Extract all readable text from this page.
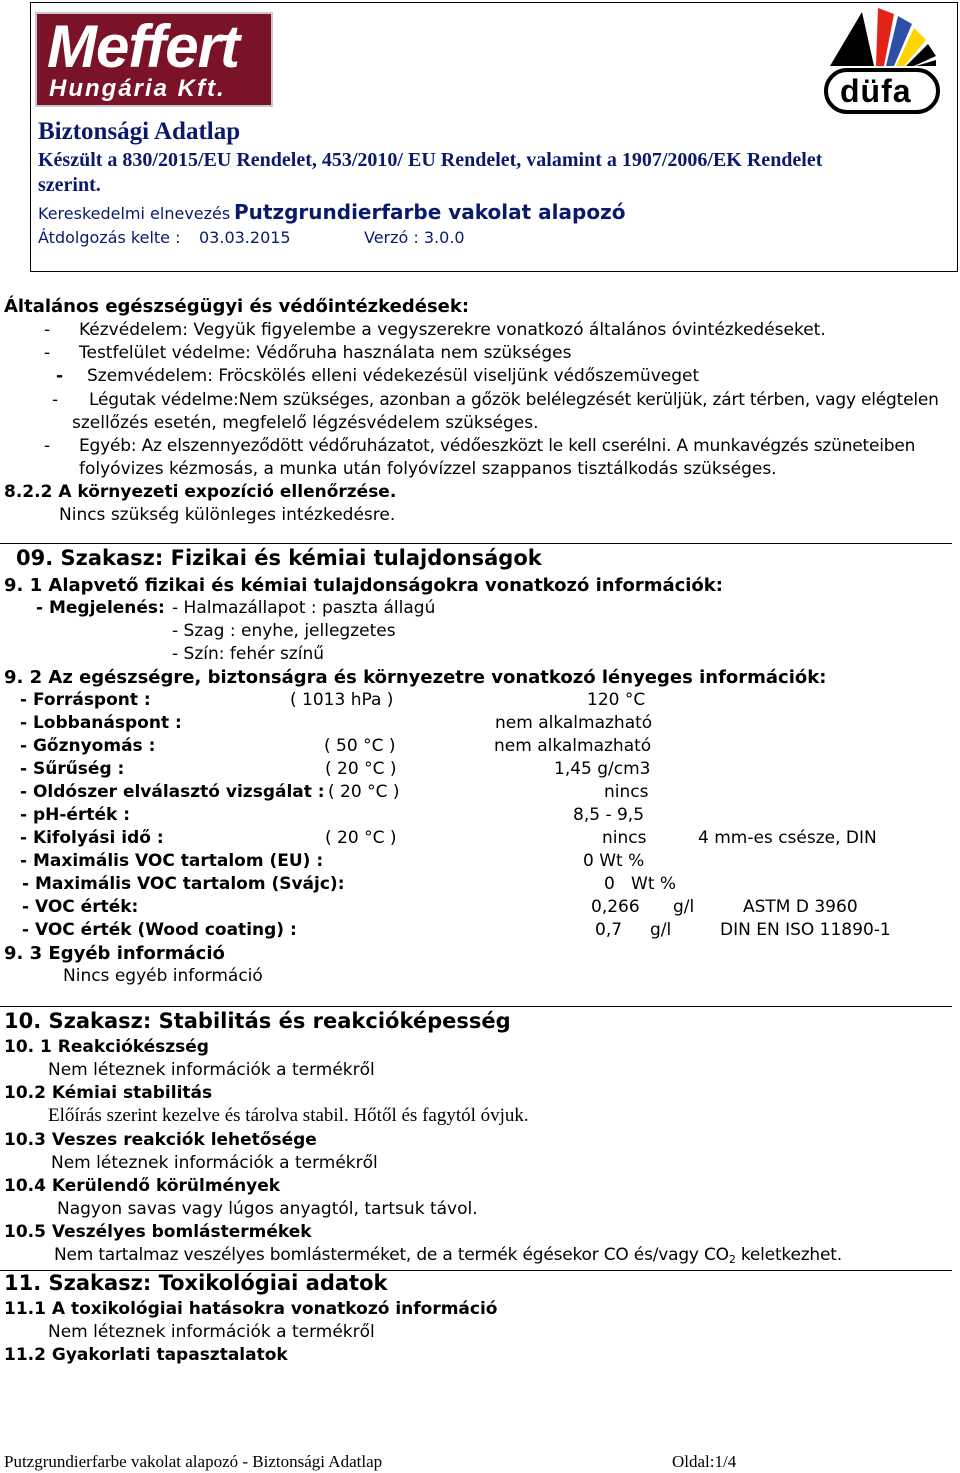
Meffert
Hungária Kft.	düfa
Biztonsági Adatlap
Készült a 830/2015/EU Rendelet, 453/2010/ EU Rendelet, valamint a 1907/2006/EK Rendelet
szerint.
Kereskedelmi elnevezés :
Putzgrundierfarbe vakolat alapozó
Átdolgozás kelte : 03.03.2015	Verzó : 3.0.0
Általános egészségügyi és védőintézkedések:
- Kézvédelem: Vegyük figyelembe a vegyszerekre vonatkozó általános óvintézkedéseket.
- Testfelület védelme: Védőruha használata nem szükséges
- Szemvédelem: Fröcskölés elleni védekezésül viseljünk védőszemüveget
- Légutak védelme:Nem szükséges, azonban a gőzök belélegzését kerüljük, zárt térben, vagy elégtelen
szellőzés esetén, megfelelő légzésvédelem szükséges.
- Egyéb: Az elszennyeződött védőruházatot, védőeszközt le kell cserélni. A munkavégzés szüneteiben
folyóvizes kézmosás, a munka után folyóvízzel szappanos tisztálkodás szükséges.
8.2.2 A környezeti expozíció ellenőrzése.
Nincs szükség különleges intézkedésre.
09. Szakasz: Fizikai és kémiai tulajdonságok
9. 1 Alapvető fizikai és kémiai tulajdonságokra vonatkozó információk:
- Megjelenés: - Halmazállapot : paszta állagú
- Szag : enyhe, jellegzetes
- Szín: fehér színű
9. 2 Az egészségre, biztonságra és környezetre vonatkozó lényeges információk:
- Forráspont :	( 1013 hPa )	120 °C
- Lobbanáspont :	nem alkalmazható
- Gőznyomás :	( 50 °C )	nem alkalmazható
- Sűrűség :	( 20 °C )	1,45 g/cm3
- Oldószer elválasztó vizsgálat : ( 20 °C )	nincs
- pH-érték :	8,5 - 9,5
- Kifolyási idő :	( 20 °C )	nincs	4 mm-es csésze, DIN
- Maximális VOC tartalom (EU) :	0 Wt %
- Maximális VOC tartalom (Svájc):	0   Wt %
- VOC érték:	0,266 g/l	ASTM D 3960
- VOC érték (Wood coating) :	0,7 g/l	DIN EN ISO 11890-1
9. 3 Egyéb információ
Nincs egyéb információ
10. Szakasz: Stabilitás és reakcióképesség
10. 1 Reakciókészség
Nem léteznek információk a termékről
10.2 Kémiai stabilitás
Előírás szerint kezelve és tárolva stabil. Hőtől és fagytól óvjuk.
10.3 Veszes reakciók lehetősége
Nem léteznek információk a termékről
10.4 Kerülendő körülmények
Nagyon savas vagy lúgos anyagtól, tartsuk távol.
10.5 Veszélyes bomlástermékek
Nem tartalmaz veszélyes bomlásterméket, de a termék égésekor CO és/vagy $CO_2$ keletkezhet.
11. Szakasz: Toxikológiai adatok
11.1 A toxikológiai hatásokra vonatkozó információ
Nem léteznek információk a termékről
11.2 Gyakorlati tapasztalatok
Putzgrundierfarbe vakolat alapozó - Biztonsági Adatlap	Oldal:1/4
